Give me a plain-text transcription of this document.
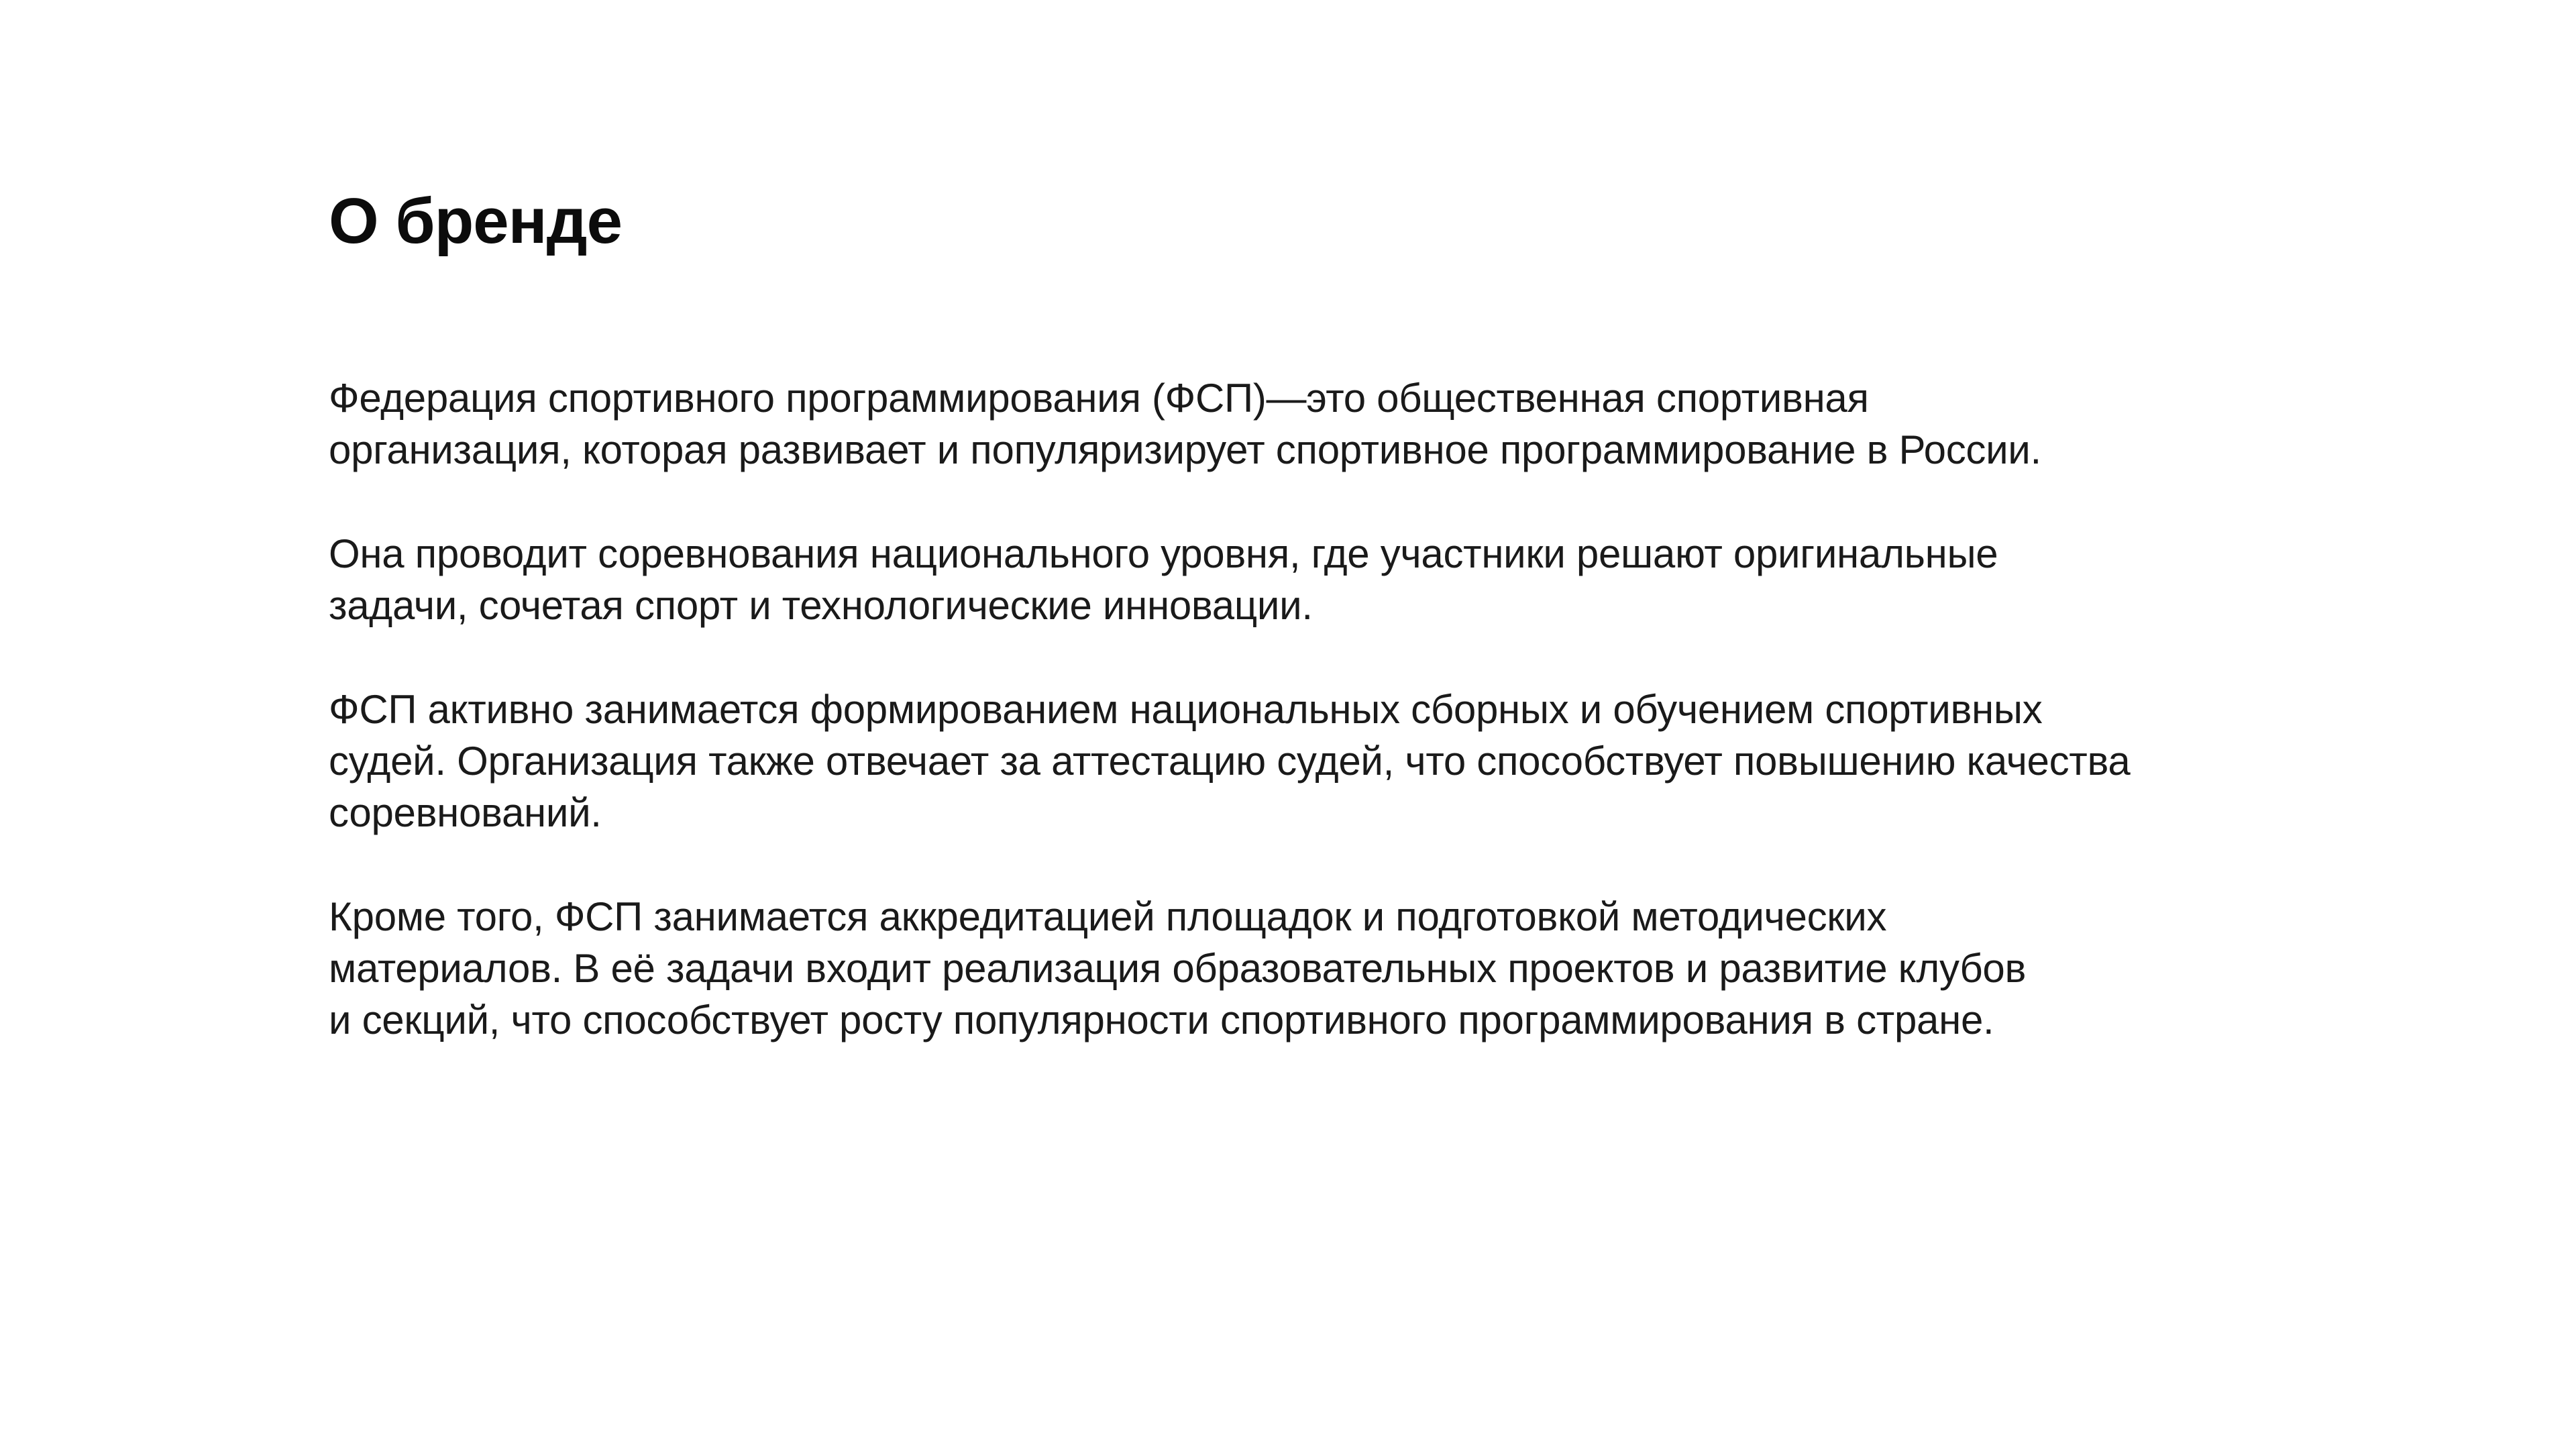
О бренде

Федерация спортивного программирования (ФСП)—это общественная спортивная
организация, которая развивает и популяризирует спортивное программирование в России.

Она проводит соревнования национального уровня, где участники решают оригинальные
задачи, сочетая спорт и технологические инновации.

ФСП активно занимается формированием национальных сборных и обучением спортивных
судей. Организация также отвечает за аттестацию судей, что способствует повышению качества
соревнований.

Кроме того, ФСП занимается аккредитацией площадок и подготовкой методических
материалов. В её задачи входит реализация образовательных проектов и развитие клубов
и секций, что способствует росту популярности спортивного программирования в стране.
